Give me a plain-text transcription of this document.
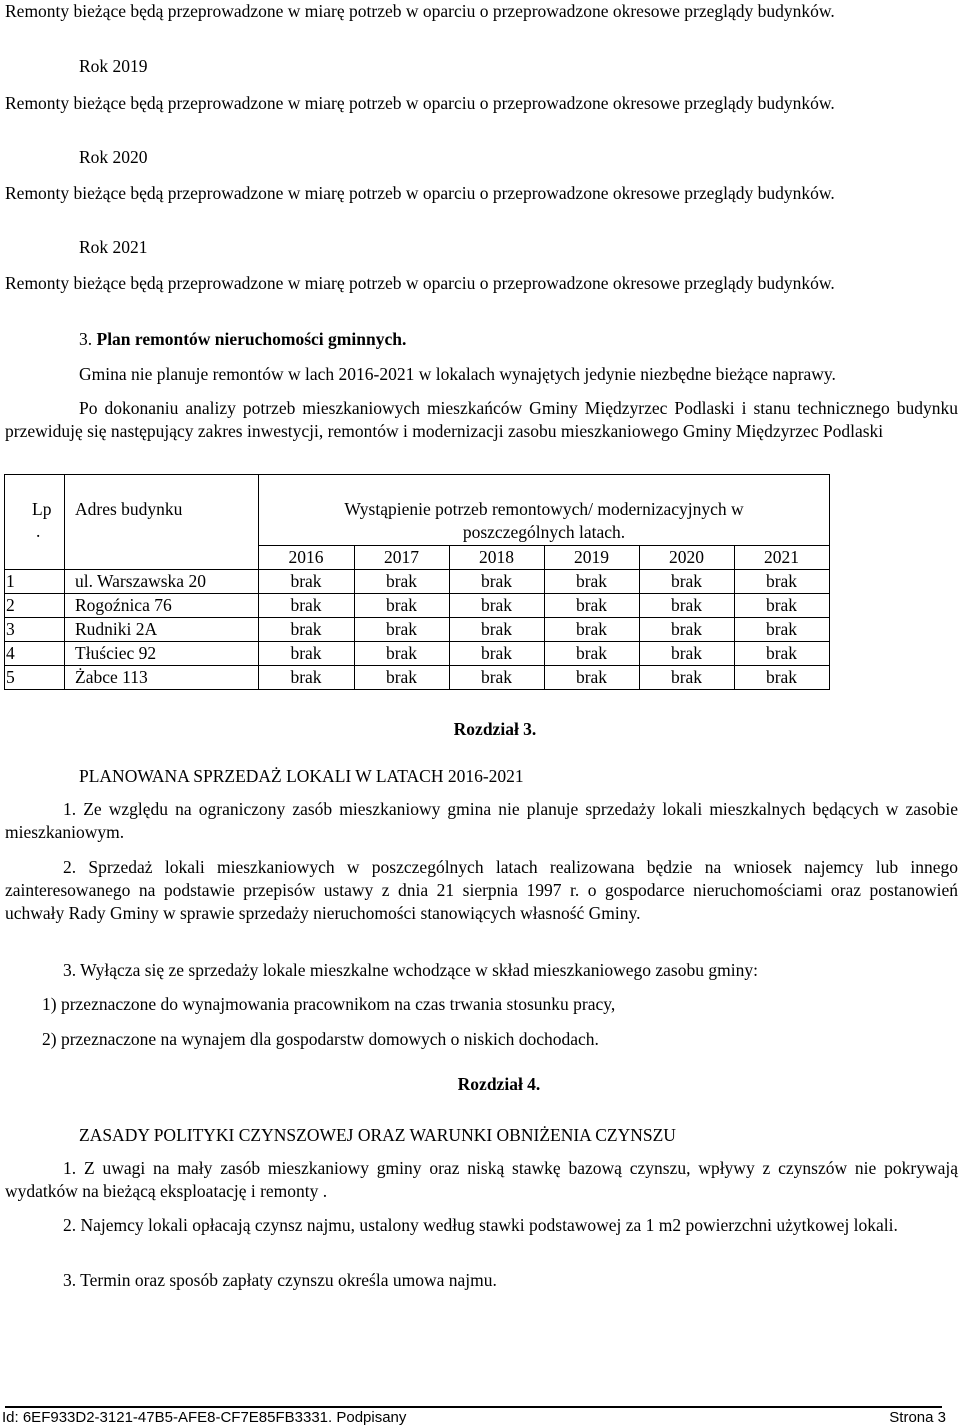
Remonty bieżące będą przeprowadzone w miarę potrzeb w oparciu o przeprowadzone okresowe przeglądy budynków.
Rok 2019
Remonty bieżące będą przeprowadzone w miarę potrzeb w oparciu o przeprowadzone okresowe przeglądy budynków.
Rok 2020
Remonty bieżące będą przeprowadzone w miarę potrzeb w oparciu o przeprowadzone okresowe przeglądy budynków.
Rok 2021
Remonty bieżące będą przeprowadzone w miarę potrzeb w oparciu o przeprowadzone okresowe przeglądy budynków.
3. Plan remontów nieruchomości gminnych.
Gmina nie planuje remontów w lach 2016-2021 w lokalach wynajętych jedynie niezbędne bieżące naprawy.
Po dokonaniu analizy potrzeb mieszkaniowych mieszkańców Gminy Międzyrzec Podlaski i stanu technicznego budynku przewiduję się następujący zakres inwestycji, remontów i modernizacji zasobu mieszkaniowego Gminy Międzyrzec Podlaski
Lp
.
Adres budynku	Wystąpienie potrzeb remontowych/ modernizacyjnych w
poszczególnych latach.
2016	2017	2018	2019	2020	2021
1	ul. Warszawska 20	brak	brak	brak	brak	brak	brak
2	Rogoźnica 76	brak	brak	brak	brak	brak	brak
3	Rudniki 2A	brak	brak	brak	brak	brak	brak
4	Tłuściec 92	brak	brak	brak	brak	brak	brak
5	Żabce 113	brak	brak	brak	brak	brak	brak
Rozdział 3.
PLANOWANA SPRZEDAŻ LOKALI W LATACH 2016-2021
1. Ze względu na ograniczony zasób mieszkaniowy gmina nie planuje sprzedaży lokali mieszkalnych będących w zasobie mieszkaniowym.
2. Sprzedaż lokali mieszkaniowych w poszczególnych latach realizowana będzie na wniosek najemcy lub innego zainteresowanego na podstawie przepisów ustawy z dnia 21 sierpnia 1997 r. o gospodarce nieruchomościami oraz postanowień uchwały Rady Gminy w sprawie sprzedaży nieruchomości stanowiących własność Gminy.
3. Wyłącza się ze sprzedaży lokale mieszkalne wchodzące w skład mieszkaniowego zasobu gminy:
1) przeznaczone do wynajmowania pracownikom na czas trwania stosunku pracy,
2) przeznaczone na wynajem dla gospodarstw domowych o niskich dochodach.
Rozdział 4.
ZASADY POLITYKI CZYNSZOWEJ ORAZ WARUNKI OBNIŻENIA CZYNSZU
1. Z uwagi na mały zasób mieszkaniowy gminy oraz niską stawkę bazową czynszu, wpływy z czynszów nie pokrywają wydatków na bieżącą eksploatację i remonty .
2. Najemcy lokali opłacają czynsz najmu, ustalony według stawki podstawowej za 1 m2 powierzchni użytkowej lokali.
3. Termin oraz sposób zapłaty czynszu określa umowa najmu.
Id: 6EF933D2-3121-47B5-AFE8-CF7E85FB3331. Podpisany	Strona 3
